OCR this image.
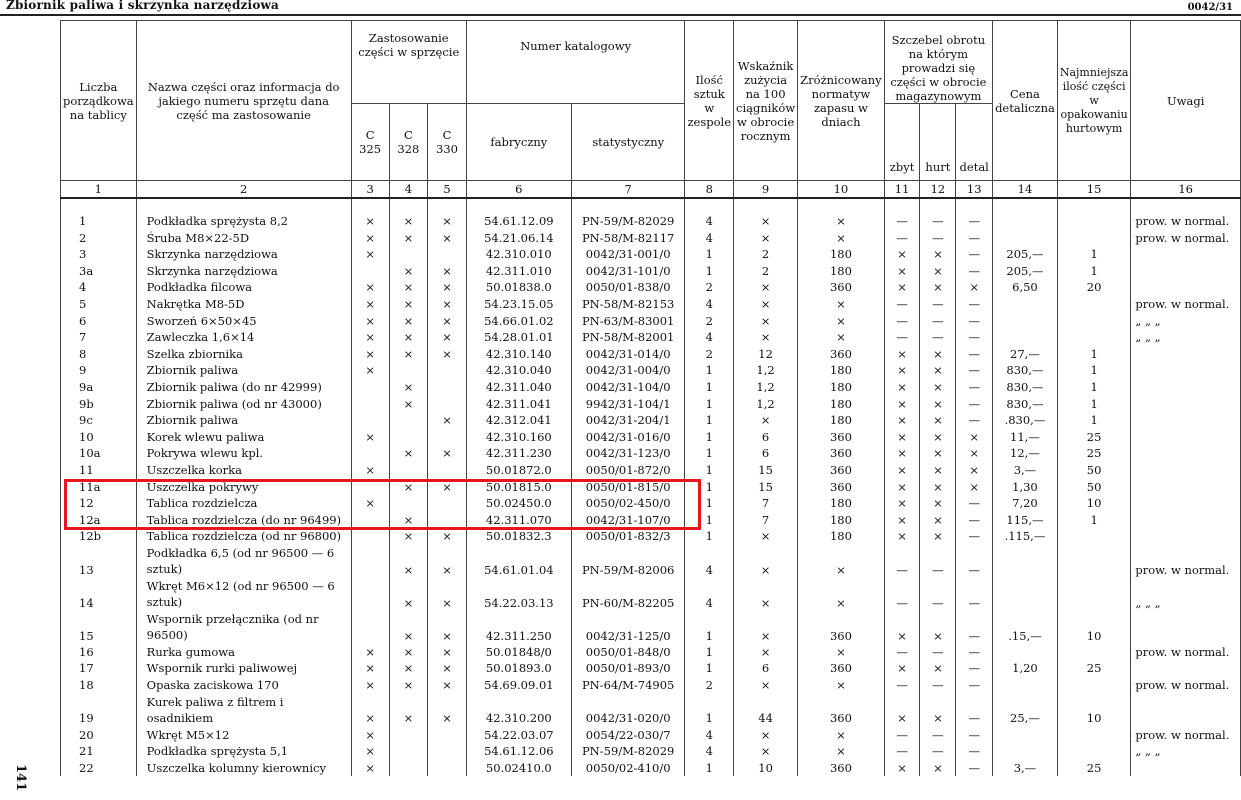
Zbiornik paliwa i skrzynka narzędziowa	0042/31
141
Liczba porządkowa na tablicy	Nazwa części oraz informacja do jakiego numeru sprzętu dana część ma zastosowanie	Zastosowanie części w sprzęcie			Numer katalogowy		Ilość sztuk w zespole	Wskaźnik zużycia na 100 ciągników w obrocie rocznym	Zróżnicowany normatyw zapasu w dniach	Szczebel obrotu na którym prowadzi się części w obrocie magazynowym			Cena detaliczna	Najmniejsza ilość części w opakowaniu hurtowym	Uwagi
		C 325	C 328	C 330	fabryczny	statystyczny				zbyt	hurt	detal			
1	2	3	4	5	6	7	8	9	10	11	12	13	14	15	16

1	Podkładka sprężysta 8,2	×	×	×	54.61.12.09	PN-59/M-82029	4	×	×	—	—	—			prow. w normal.
2	Śruba M8×22-5D	×	×	×	54.21.06.14	PN-58/M-82117	4	×	×	—	—	—			prow. w normal.
3	Skrzynka narzędziowa	×			42.310.010	0042/31-001/0	1	2	180	×	×	—	205,—	1	
3a	Skrzynka narzędziowa		×	×	42.311.010	0042/31-101/0	1	2	180	×	×	—	205,—	1	
4	Podkładka filcowa	×	×	×	50.01838.0	0050/01-838/0	2	×	360	×	×	×	6,50	20	
5	Nakrętka M8-5D	×	×	×	54.23.15.05	PN-58/M-82153	4	×	×	—	—	—			prow. w normal.
6	Sworzeń 6×50×45	×	×	×	54.66.01.02	PN-63/M-83001	2	×	×	—	—	—			„ „ „
7	Zawleczka 1,6×14	×	×	×	54.28.01.01	PN-58/M-82001	4	×	×	—	—	—			„ „ „
8	Szelka zbiornika	×	×	×	42.310.140	0042/31-014/0	2	12	360	×	×	—	27,—	1	
9	Zbiornik paliwa	×			42.310.040	0042/31-004/0	1	1,2	180	×	×	—	830,—	1	
9a	Zbiornik paliwa (do nr 42999)		×		42.311.040	0042/31-104/0	1	1,2	180	×	×	—	830,—	1	
9b	Zbiornik paliwa (od nr 43000)		×		42.311.041	9942/31-104/1	1	1,2	180	×	×	—	830,—	1	
9c	Zbiornik paliwa			×	42.312.041	0042/31-204/1	1	×	180	×	×	—	.830,—	1	
10	Korek wlewu paliwa	×			42.310.160	0042/31-016/0	1	6	360	×	×	×	11,—	25	
10a	Pokrywa wlewu kpl.		×	×	42.311.230	0042/31-123/0	1	6	360	×	×	×	12,—	25	
11	Uszczelka korka	×			50.01872.0	0050/01-872/0	1	15	360	×	×	×	3,—	50	
11a	Uszczelka pokrywy		×	×	50.01815.0	0050/01-815/0	1	15	360	×	×	×	1,30	50	
12	Tablica rozdzielcza	×			50.02450.0	0050/02-450/0	1	7	180	×	×	—	7,20	10	
12a	Tablica rozdzielcza (do nr 96499)		×		42.311.070	0042/31-107/0	1	7	180	×	×	—	115,—	1	
12b	Tablica rozdzielcza (od nr 96800)		×	×	50.01832.3	0050/01-832/3	1	×	180	×	×	—	.115,—		
13	Podkładka 6,5 (od nr 96500 — 6 sztuk)		×	×	54.61.01.04	PN-59/M-82006	4	×	×	—	—	—			prow. w normal.
14	Wkręt M6×12 (od nr 96500 — 6 sztuk)		×	×	54.22.03.13	PN-60/M-82205	4	×	×	—	—	—			„ „ „
15	Wspornik przełącznika (od nr 96500)		×	×	42.311.250	0042/31-125/0	1	×	360	×	×	—	.15,—	10	
16	Rurka gumowa	×	×	×	50.01848/0	0050/01-848/0	1	×	×	—	—	—			prow. w normal.
17	Wspornik rurki paliwowej	×	×	×	50.01893.0	0050/01-893/0	1	6	360	×	×	—	1,20	25	
18	Opaska zaciskowa 170	×	×	×	54.69.09.01	PN-64/M-74905	2	×	×	—	—	—			prow. w normal.
19	Kurek paliwa z filtrem i osadnikiem	×	×	×	42.310.200	0042/31-020/0	1	44	360	×	×	—	25,—	10	
20	Wkręt M5×12	×			54.22.03.07	0054/22-030/7	4	×	×	—	—	—			prow. w normal.
21	Podkładka sprężysta 5,1	×			54.61.12.06	PN-59/M-82029	4	×	×	—	—	—			„ „ „
22	Uszczelka kolumny kierownicy	×			50.02410.0	0050/02-410/0	1	10	360	×	×	—	3,—	25	
